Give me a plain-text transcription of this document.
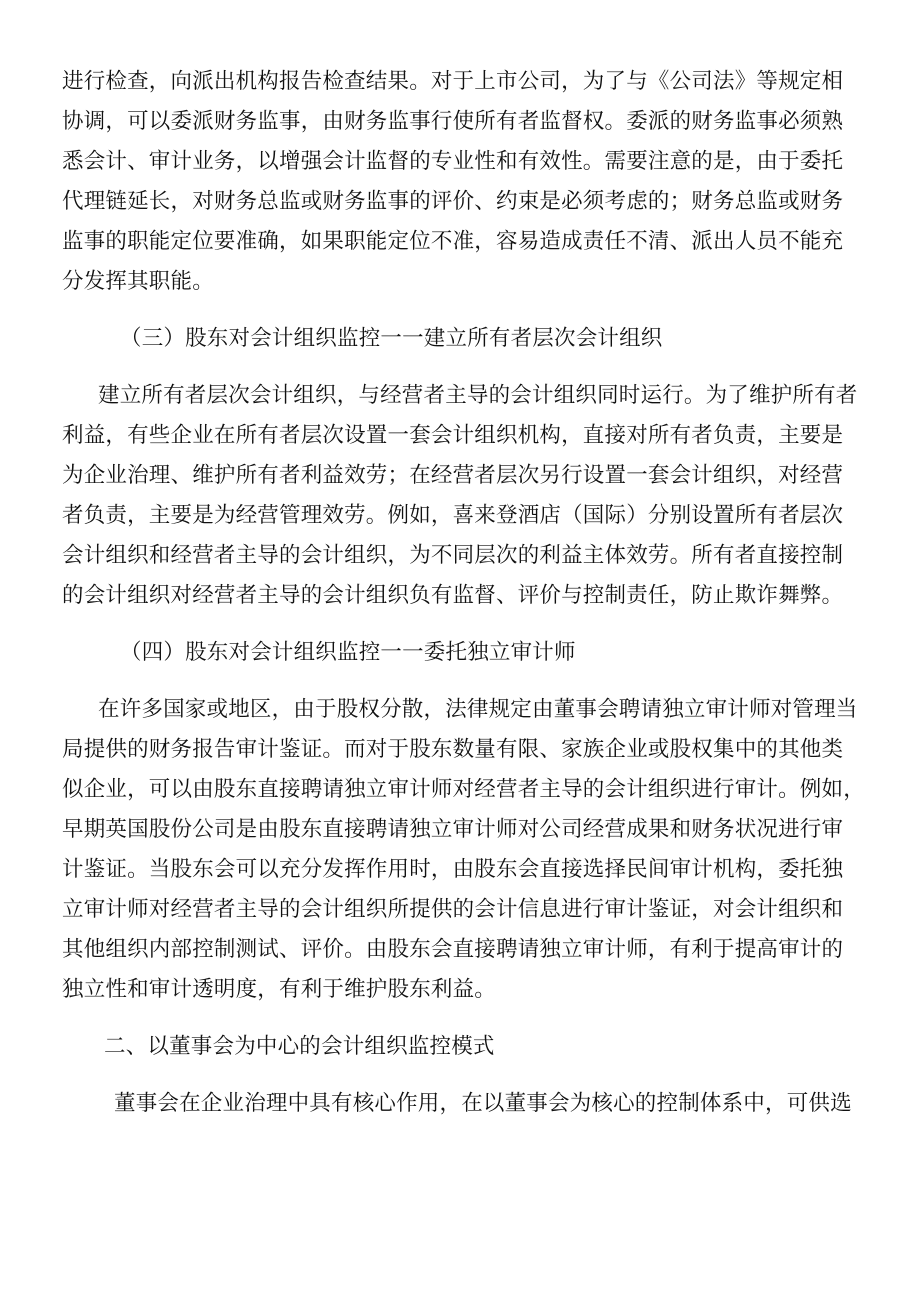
进行检查，向派出机构报告检查结果。对于上市公司，为了与《公司法》等规定相
协调，可以委派财务监事，由财务监事行使所有者监督权。委派的财务监事必须熟
悉会计、审计业务，以增强会计监督的专业性和有效性。需要注意的是，由于委托
代理链延长，对财务总监或财务监事的评价、约束是必须考虑的；财务总监或财务
监事的职能定位要准确，如果职能定位不准，容易造成责任不清、派出人员不能充
分发挥其职能。
（三）股东对会计组织监控一一建立所有者层次会计组织
建立所有者层次会计组织，与经营者主导的会计组织同时运行。为了维护所有者
利益，有些企业在所有者层次设置一套会计组织机构，直接对所有者负责，主要是
为企业治理、维护所有者利益效劳；在经营者层次另行设置一套会计组织，对经营
者负责，主要是为经营管理效劳。例如，喜来登酒店（国际）分别设置所有者层次
会计组织和经营者主导的会计组织，为不同层次的利益主体效劳。所有者直接控制
的会计组织对经营者主导的会计组织负有监督、评价与控制责任，防止欺诈舞弊。
（四）股东对会计组织监控一一委托独立审计师
在许多国家或地区，由于股权分散，法律规定由董事会聘请独立审计师对管理当
局提供的财务报告审计鉴证。而对于股东数量有限、家族企业或股权集中的其他类
似企业，可以由股东直接聘请独立审计师对经营者主导的会计组织进行审计。例如，
早期英国股份公司是由股东直接聘请独立审计师对公司经营成果和财务状况进行审
计鉴证。当股东会可以充分发挥作用时，由股东会直接选择民间审计机构，委托独
立审计师对经营者主导的会计组织所提供的会计信息进行审计鉴证，对会计组织和
其他组织内部控制测试、评价。由股东会直接聘请独立审计师，有利于提高审计的
独立性和审计透明度，有利于维护股东利益。
二、以董事会为中心的会计组织监控模式
董事会在企业治理中具有核心作用，在以董事会为核心的控制体系中，可供选
